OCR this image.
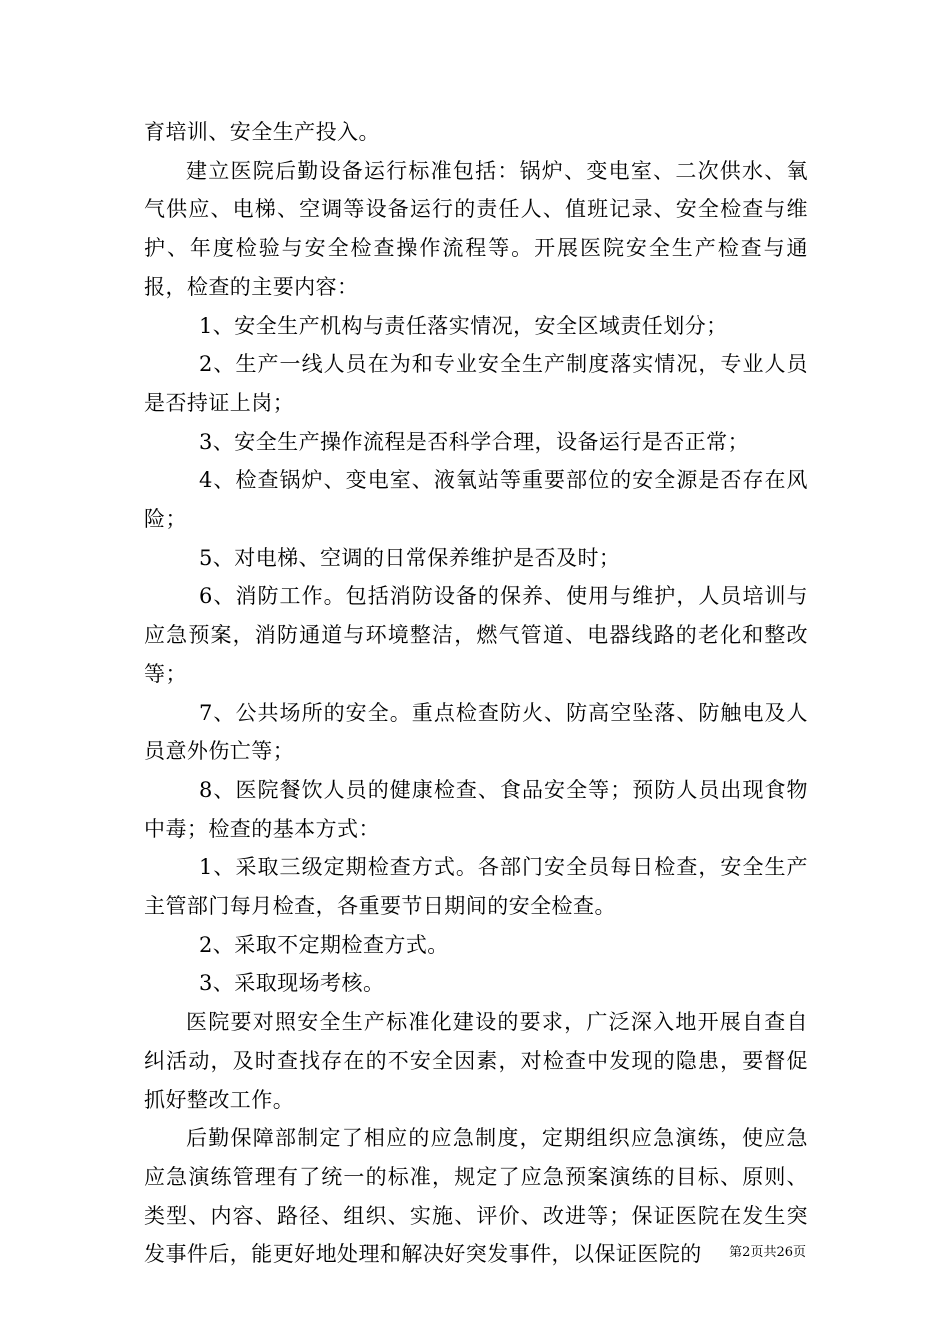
育培训、安全生产投入。

建立医院后勤设备运行标准包括：锅炉、变电室、二次供水、氧气供应、电梯、空调等设备运行的责任人、值班记录、安全检查与维护、年度检验与安全检查操作流程等。开展医院安全生产检查与通报，检查的主要内容：

1、安全生产机构与责任落实情况，安全区域责任划分；

2、生产一线人员在为和专业安全生产制度落实情况，专业人员是否持证上岗；

3、安全生产操作流程是否科学合理，设备运行是否正常；

4、检查锅炉、变电室、液氧站等重要部位的安全源是否存在风险；

5、对电梯、空调的日常保养维护是否及时；

6、消防工作。包括消防设备的保养、使用与维护，人员培训与应急预案，消防通道与环境整洁，燃气管道、电器线路的老化和整改等；

7、公共场所的安全。重点检查防火、防高空坠落、防触电及人员意外伤亡等；

8、医院餐饮人员的健康检查、食品安全等；预防人员出现食物中毒；检查的基本方式：

1、采取三级定期检查方式。各部门安全员每日检查，安全生产主管部门每月检查，各重要节日期间的安全检查。

2、采取不定期检查方式。

3、采取现场考核。

医院要对照安全生产标准化建设的要求，广泛深入地开展自查自纠活动，及时查找存在的不安全因素，对检查中发现的隐患，要督促抓好整改工作。

后勤保障部制定了相应的应急制度，定期组织应急演练，使应急应急演练管理有了统一的标准，规定了应急预案演练的目标、原则、类型、内容、路径、组织、实施、评价、改进等；保证医院在发生突发事件后，能更好地处理和解决好突发事件，以保证医院的	第2页共26页
